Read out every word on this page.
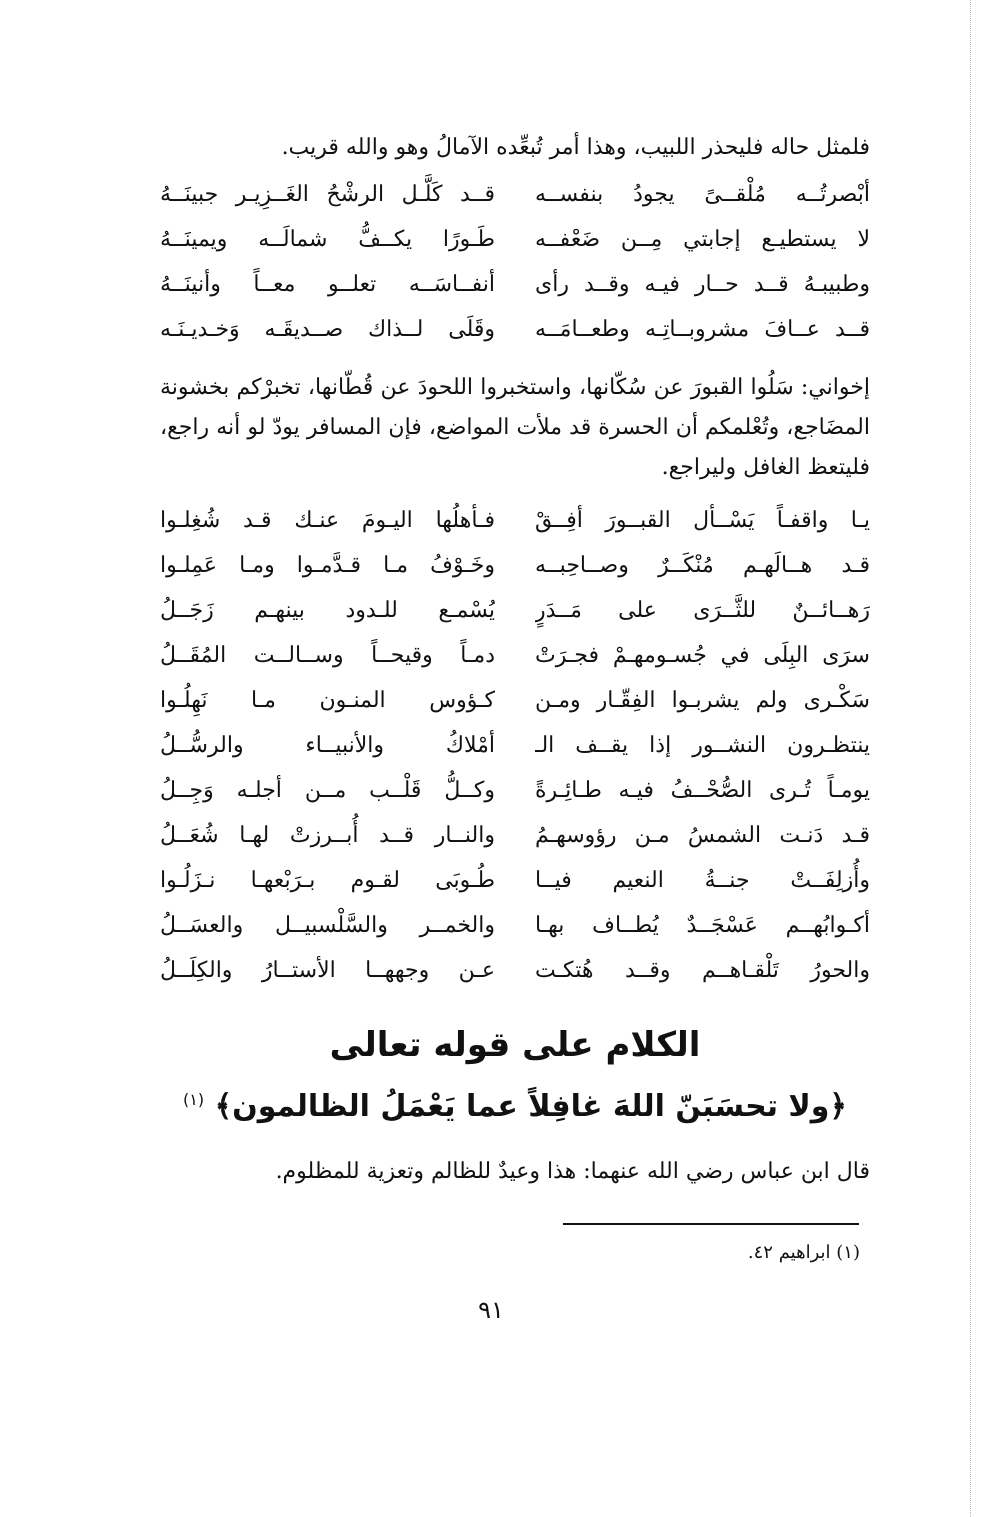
فلمثل حاله فليحذر اللبيب، وهذا أمر تُبعِّده الآمالُ وهو والله قريب.

أبْصرتُــه مُلْقــىً يجودُ بنفســه
قــد كَلَّـل الرشْحُ الغَــزِيـر جبينَــهُ
لا يستطيـع إجابتي مِــن ضَعْفــه
طَـورًا يكــفُّ شمالَــه ويمينَــهُ
وطبيبـهُ قــد حــار فيـه وقــد رأى
أنفــاسَــه تعلــو معــاً وأنينَــهُ
قــد عــافَ مشروبــاتِـه وطعــامَــه
وقَلَى لــذاك صــديقَـه وَخـديـنَـه

إخواني: سَلُوا القبورَ عن سُكّانها، واستخبروا اللحودَ عن قُطّانها، تخبرْكم بخشونة المضَاجع، وتُعْلمكم أن الحسرة قد ملأت المواضع، فإن المسافر يودّ لو أنه راجع، فليتعظ الغافل وليراجع.

يـا واقفـاً يَسْــأل القبــورَ أفِــقْ
فـأهلُها اليـومَ عنـك قـد شُغِلـوا
قـد هــالَهـم مُنْكَــرٌ وصــاحِبــه
وخَـوْفُ مـا قـدَّمـوا ومـا عَمِلـوا
رَهــائــنٌ للثَّــرَى على مَــدَرٍ
يُسْمـع للـدود بينهـم زَجَــلُ
سرَى البِلَى في جُسـومهـمْ فجـرَتْ
دمـاً وقيحــاً وســالــت المُقَــلُ
سَكْـرى ولم يشربـوا الفِقّـار ومـن
كـؤوس المنـون مـا نَهِلُـوا
ينتظـرون النشــور إذا يقــف الـ
أمْلاكُ والأنبيــاء والرسُّــلُ
يومـاً تُـرى الصُّحْــفُ فيـه طـائِـرةً
وكــلُّ قَلْــب مــن أجلـه وَجِــلُ
قـد دَنـت الشمسُ مـن رؤوسهـمُ
والنــار قــد أُبــرزتْ لهـا شُعَــلُ
وأُزلِفَــتْ جنــةُ النعيم فيــا
طُـوبَى لقـوم بـرَبْعهـا نـزَلُـوا
أكـوابُهــم عَسْجَــدٌ يُطــاف بهـا
والخمــر والسَّلْسبيــل والعسَــلُ
والحورُ تَلْقـاهــم وقــد هُتكـت
عـن وجههــا الأستــارُ والكِلَــلُ
الكلام على قوله تعالى
﴿ولا تحسَبَنّ اللهَ غافِلاً عما يَعْمَلُ الظالمون﴾ $^{(١)}$

قال ابن عباس رضي الله عنهما: هذا وعيدٌ للظالم وتعزية للمظلوم.

(١) ابراهيم ٤٢.
٩١
